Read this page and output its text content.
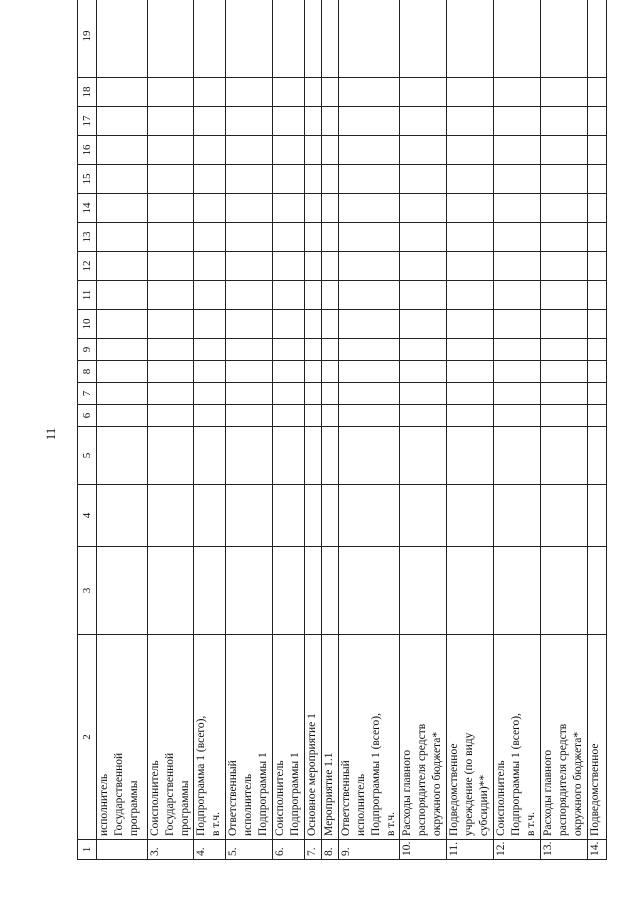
11
1	2	3	4	5	6	7	8	9	10	11	12	13	14	15	16	17	18	19

	исполнитель Государственной программы																	

3.	Соисполнитель Государственной программы																	

4.	Подпрограмма 1 (всего), в т.ч.																	

5.	Ответственный исполнитель Подпрограммы 1																	

6.	Соисполнитель Подпрограммы 1																	

7.	Основное мероприятие 1																	

8.	Мероприятие 1.1																	

9.	Ответственный исполнитель Подпрограммы 1 (всего), в т.ч.																	

10.	Расходы главного распорядителя средств окружного бюджета*																	

11.	Подведомственное учреждение (по виду субсидии)**																	

12.	Соисполнитель Подпрограммы 1 (всего), в т.ч.																	

13.	Расходы главного распорядителя средств окружного бюджета*																	

14.	Подведомственное																	
